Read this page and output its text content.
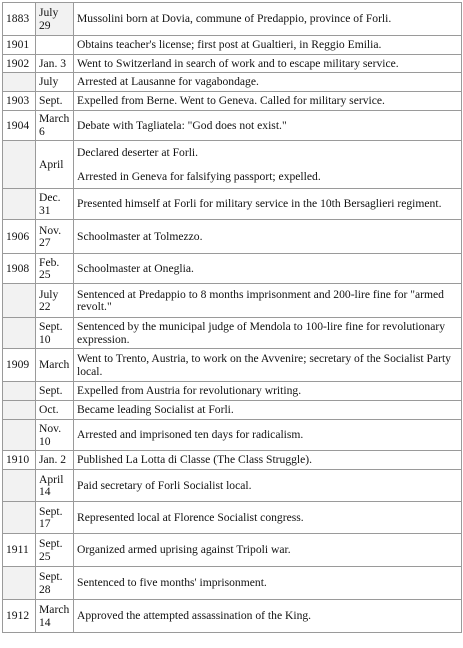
1883	July 29	Mussolini born at Dovia, commune of Predappio, province of Forli.
1901		Obtains teacher's license; first post at Gualtieri, in Reggio Emilia.
1902	Jan. 3	Went to Switzerland in search of work and to escape military service.
	July	Arrested at Lausanne for vagabondage.
1903	Sept.	Expelled from Berne. Went to Geneva. Called for military service.
1904	March 6	Debate with Tagliatela: "God does not exist."
	April	Declared deserter at Forli.
Arrested in Geneva for falsifying passport; expelled.
	Dec. 31	Presented himself at Forli for military service in the 10th Bersaglieri regiment.
1906	Nov. 27	Schoolmaster at Tolmezzo.
1908	Feb. 25	Schoolmaster at Oneglia.
	July 22	Sentenced at Predappio to 8 months imprisonment and 200-lire fine for "armed revolt."
	Sept. 10	Sentenced by the municipal judge of Mendola to 100-lire fine for revolutionary expression.
1909	March	Went to Trento, Austria, to work on the Avvenire; secretary of the Socialist Party local.
	Sept.	Expelled from Austria for revolutionary writing.
	Oct.	Became leading Socialist at Forli.
	Nov. 10	Arrested and imprisoned ten days for radicalism.
1910	Jan. 2	Published La Lotta di Classe (The Class Struggle).
	April 14	Paid secretary of Forli Socialist local.
	Sept. 17	Represented local at Florence Socialist congress.
1911	Sept. 25	Organized armed uprising against Tripoli war.
	Sept. 28	Sentenced to five months' imprisonment.
1912	March 14	Approved the attempted assassination of the King.
